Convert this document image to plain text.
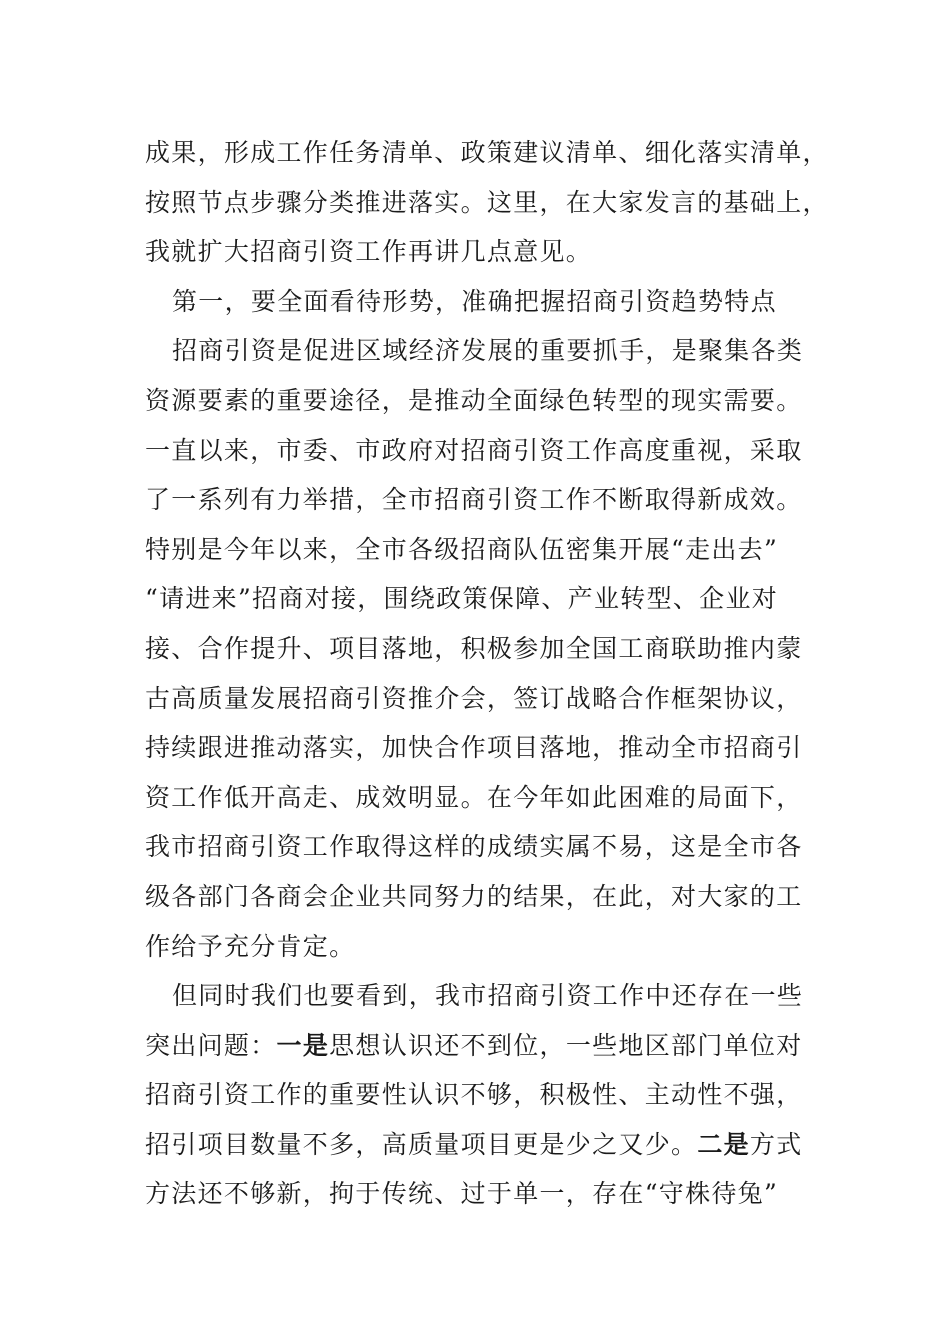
成果，形成工作任务清单、政策建议清单、细化落实清单，
按照节点步骤分类推进落实。这里，在大家发言的基础上，
我就扩大招商引资工作再讲几点意见。
第一，要全面看待形势，准确把握招商引资趋势特点
招商引资是促进区域经济发展的重要抓手，是聚集各类
资源要素的重要途径，是推动全面绿色转型的现实需要。
一直以来，市委、市政府对招商引资工作高度重视，采取
了一系列有力举措，全市招商引资工作不断取得新成效。
特别是今年以来，全市各级招商队伍密集开展“走出去”
“请进来”招商对接，围绕政策保障、产业转型、企业对
接、合作提升、项目落地，积极参加全国工商联助推内蒙
古高质量发展招商引资推介会，签订战略合作框架协议，
持续跟进推动落实，加快合作项目落地，推动全市招商引
资工作低开高走、成效明显。在今年如此困难的局面下，
我市招商引资工作取得这样的成绩实属不易，这是全市各
级各部门各商会企业共同努力的结果，在此，对大家的工
作给予充分肯定。
但同时我们也要看到，我市招商引资工作中还存在一些
突出问题：一是思想认识还不到位，一些地区部门单位对
招商引资工作的重要性认识不够，积极性、主动性不强，
招引项目数量不多，高质量项目更是少之又少。二是方式
方法还不够新，拘于传统、过于单一，存在“守株待兔”
